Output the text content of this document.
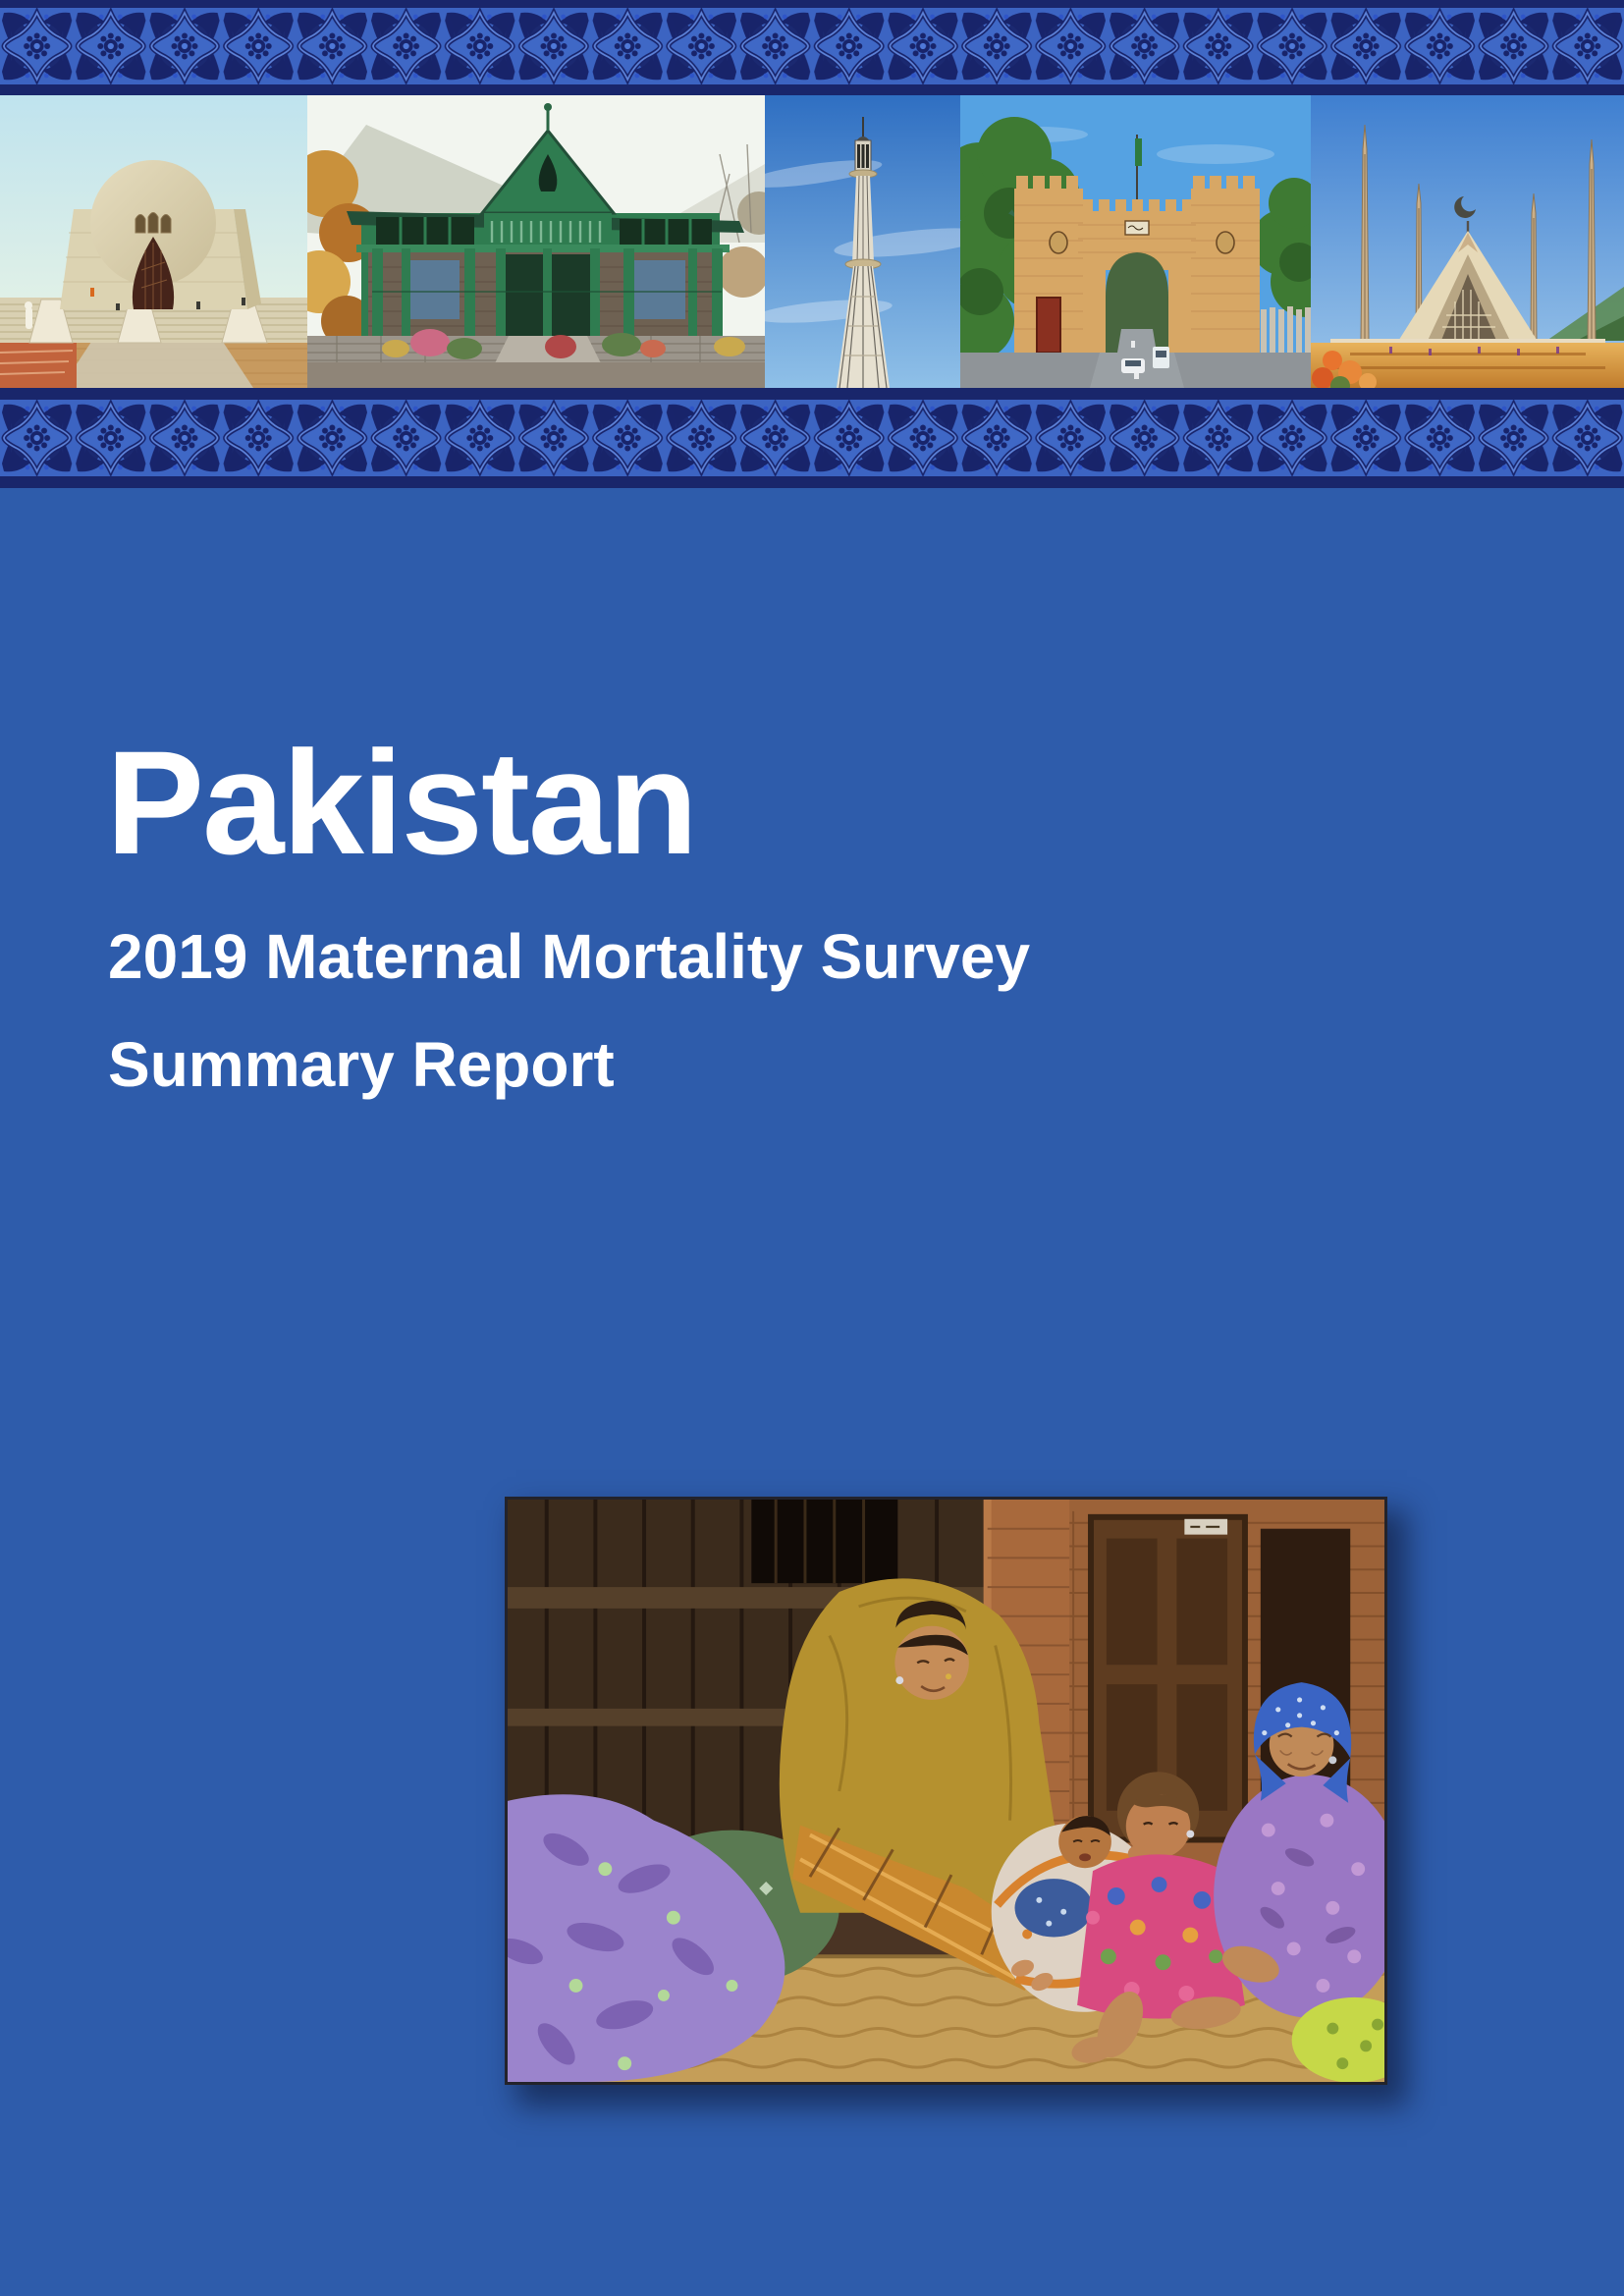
Pakistan

2019 Maternal Mortality Survey

Summary Report
